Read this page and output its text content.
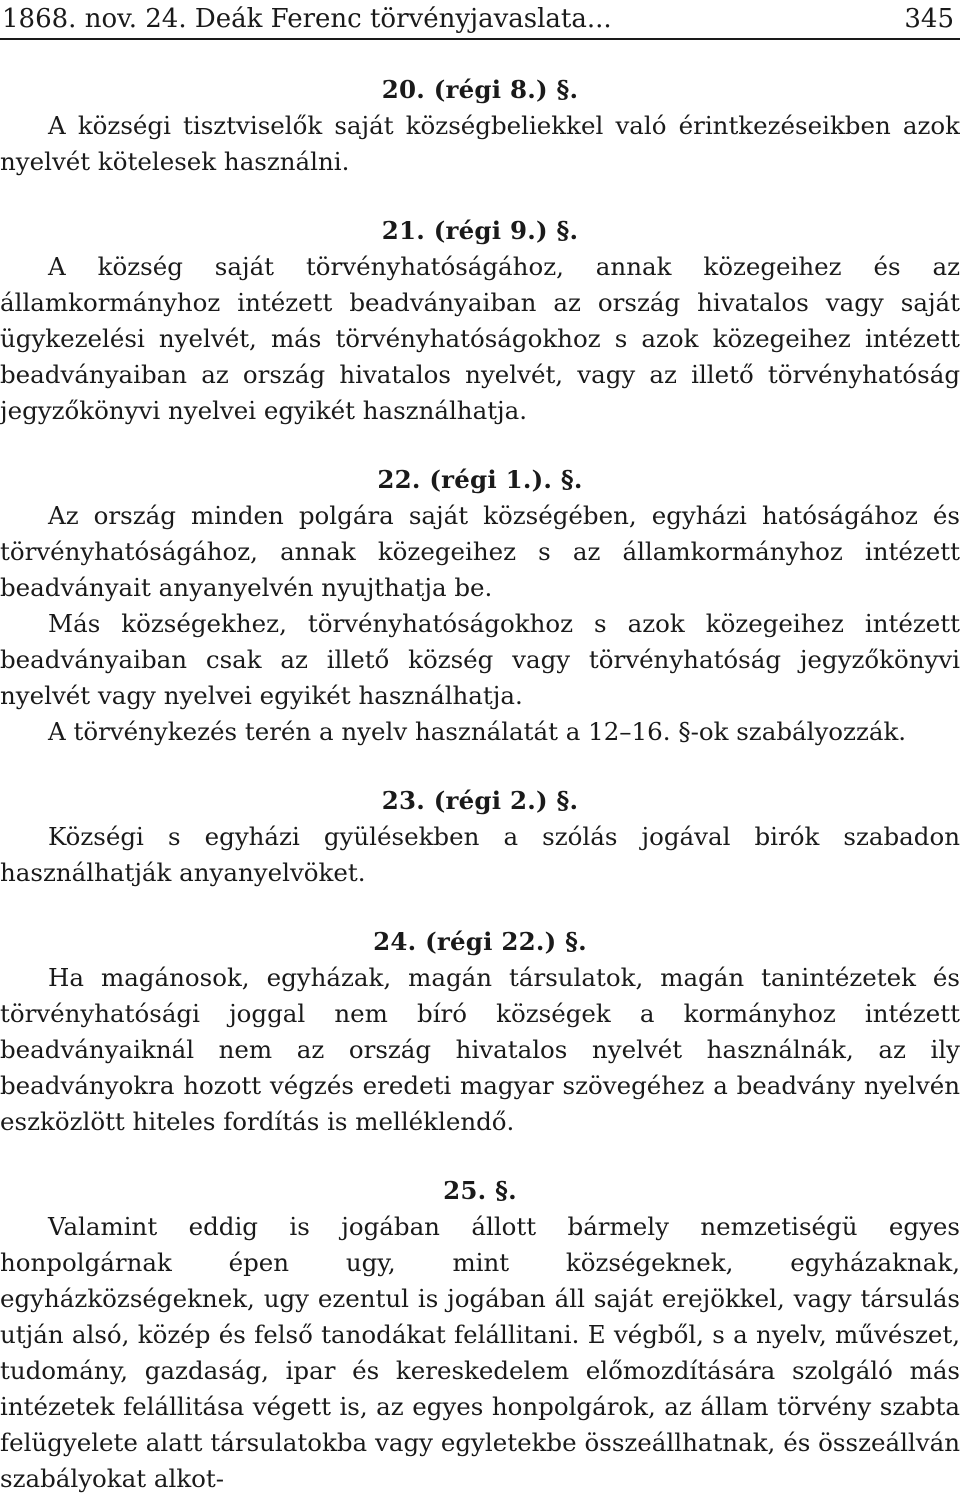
1868. nov. 24. Deák Ferenc törvényjavaslata...	345

20. (régi 8.) §.

A községi tisztviselők saját községbeliekkel való érintkezéseikben azok nyelvét kötelesek használni.

21. (régi 9.) §.

A község saját törvényhatóságához, annak közegeihez és az államkormányhoz intézett beadványaiban az ország hivatalos vagy saját ügykezelési nyelvét, más törvényhatóságokhoz s azok közegeihez intézett beadványaiban az ország hivatalos nyelvét, vagy az illető törvényhatóság jegyzőkönyvi nyelvei egyikét használhatja.

22. (régi 1.). §.

Az ország minden polgára saját községében, egyházi hatóságához és törvényhatóságához, annak közegeihez s az államkormányhoz intézett beadványait anyanyelvén nyujthatja be.

Más községekhez, törvényhatóságokhoz s azok közegeihez intézett beadványaiban csak az illető község vagy törvényhatóság jegyzőkönyvi nyelvét vagy nyelvei egyikét használhatja.

A törvénykezés terén a nyelv használatát a 12–16. §-ok szabályozzák.

23. (régi 2.) §.

Községi s egyházi gyülésekben a szólás jogával birók szabadon használhatják anyanyelvöket.

24. (régi 22.) §.

Ha magánosok, egyházak, magán társulatok, magán tanintézetek és törvényhatósági joggal nem bíró községek a kormányhoz intézett beadványaiknál nem az ország hivatalos nyelvét használnák, az ily beadványokra hozott végzés eredeti magyar szövegéhez a beadvány nyelvén eszközlött hiteles fordítás is melléklendő.

25. §.

Valamint eddig is jogában állott bármely nemzetiségü egyes honpolgárnak épen ugy, mint községeknek, egyházaknak, egyházközségeknek, ugy ezentul is jogában áll saját erejökkel, vagy társulás utján alsó, közép és felső tanodákat felállitani. E végből, s a nyelv, művészet, tudomány, gazdaság, ipar és kereskedelem előmozdítására szolgáló más intézetek felállitása végett is, az egyes honpolgárok, az állam törvény szabta felügyelete alatt társulatokba vagy egyletekbe összeállhatnak, és összeállván szabályokat alkot-
